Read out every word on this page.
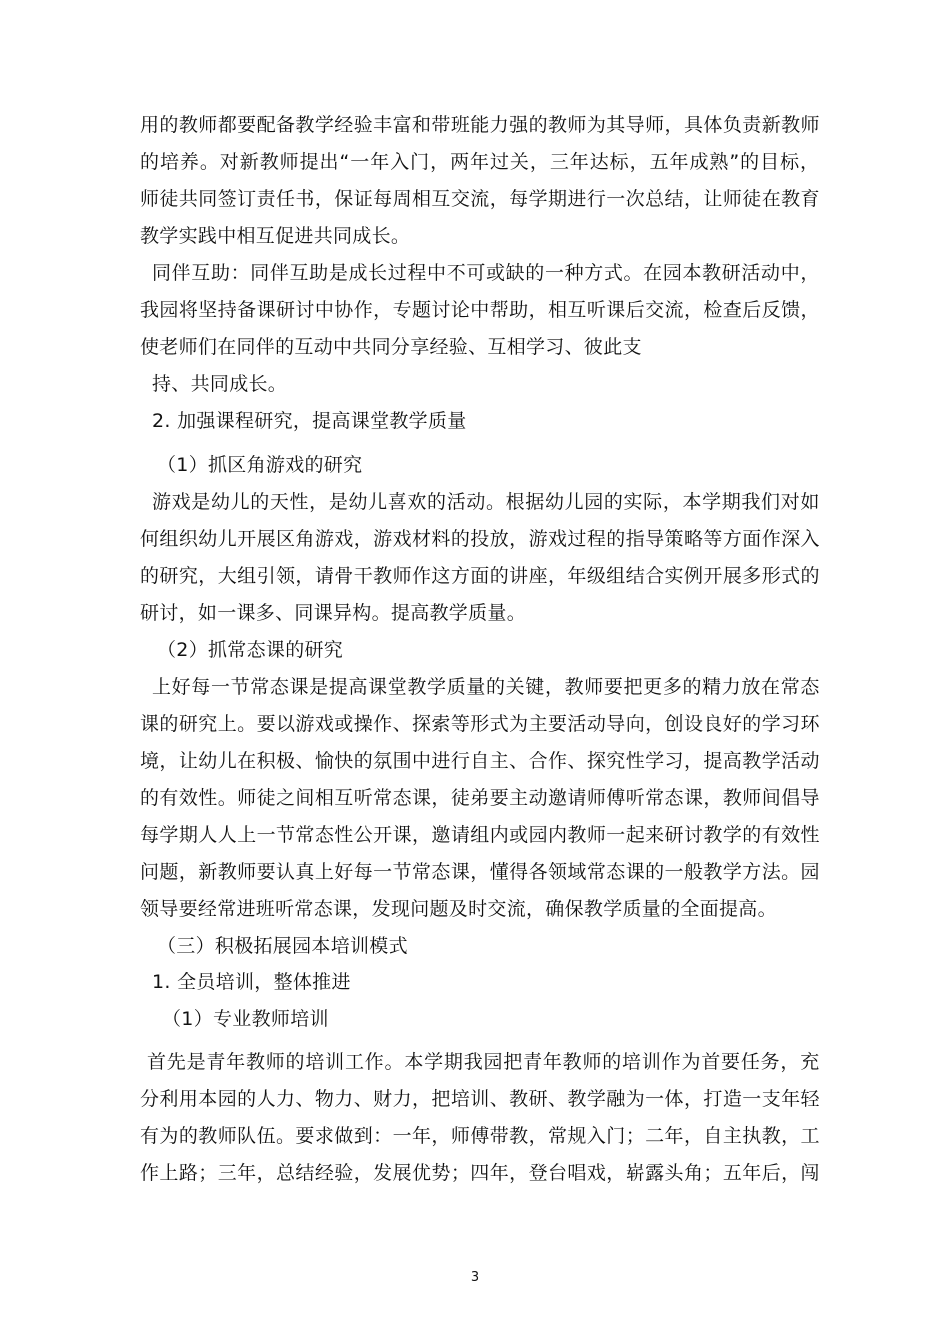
用的教师都要配备教学经验丰富和带班能力强的教师为其导师，具体负责新教师
的培养。对新教师提出“一年入门，两年过关，三年达标，五年成熟”的目标，
师徒共同签订责任书，保证每周相互交流，每学期进行一次总结，让师徒在教育
教学实践中相互促进共同成长。
同伴互助：同伴互助是成长过程中不可或缺的一种方式。在园本教研活动中，
我园将坚持备课研讨中协作，专题讨论中帮助，相互听课后交流，检查后反馈，
使老师们在同伴的互动中共同分享经验、互相学习、彼此支
持、共同成长。
2. 加强课程研究，提高课堂教学质量
（1）抓区角游戏的研究
游戏是幼儿的天性，是幼儿喜欢的活动。根据幼儿园的实际，本学期我们对如
何组织幼儿开展区角游戏，游戏材料的投放，游戏过程的指导策略等方面作深入
的研究，大组引领，请骨干教师作这方面的讲座，年级组结合实例开展多形式的
研讨，如一课多、同课异构。提高教学质量。
（2）抓常态课的研究
上好每一节常态课是提高课堂教学质量的关键，教师要把更多的精力放在常态
课的研究上。要以游戏或操作、探索等形式为主要活动导向，创设良好的学习环
境，让幼儿在积极、愉快的氛围中进行自主、合作、探究性学习，提高教学活动
的有效性。师徒之间相互听常态课，徒弟要主动邀请师傅听常态课，教师间倡导
每学期人人上一节常态性公开课，邀请组内或园内教师一起来研讨教学的有效性
问题，新教师要认真上好每一节常态课，懂得各领域常态课的一般教学方法。园
领导要经常进班听常态课，发现问题及时交流，确保教学质量的全面提高。
（三）积极拓展园本培训模式
1. 全员培训，整体推进
（1）专业教师培训
首先是青年教师的培训工作。本学期我园把青年教师的培训作为首要任务，充
分利用本园的人力、物力、财力，把培训、教研、教学融为一体，打造一支年轻
有为的教师队伍。要求做到：一年，师傅带教，常规入门；二年，自主执教，工
作上路；三年，总结经验，发展优势；四年，登台唱戏，崭露头角；五年后，闯
3
